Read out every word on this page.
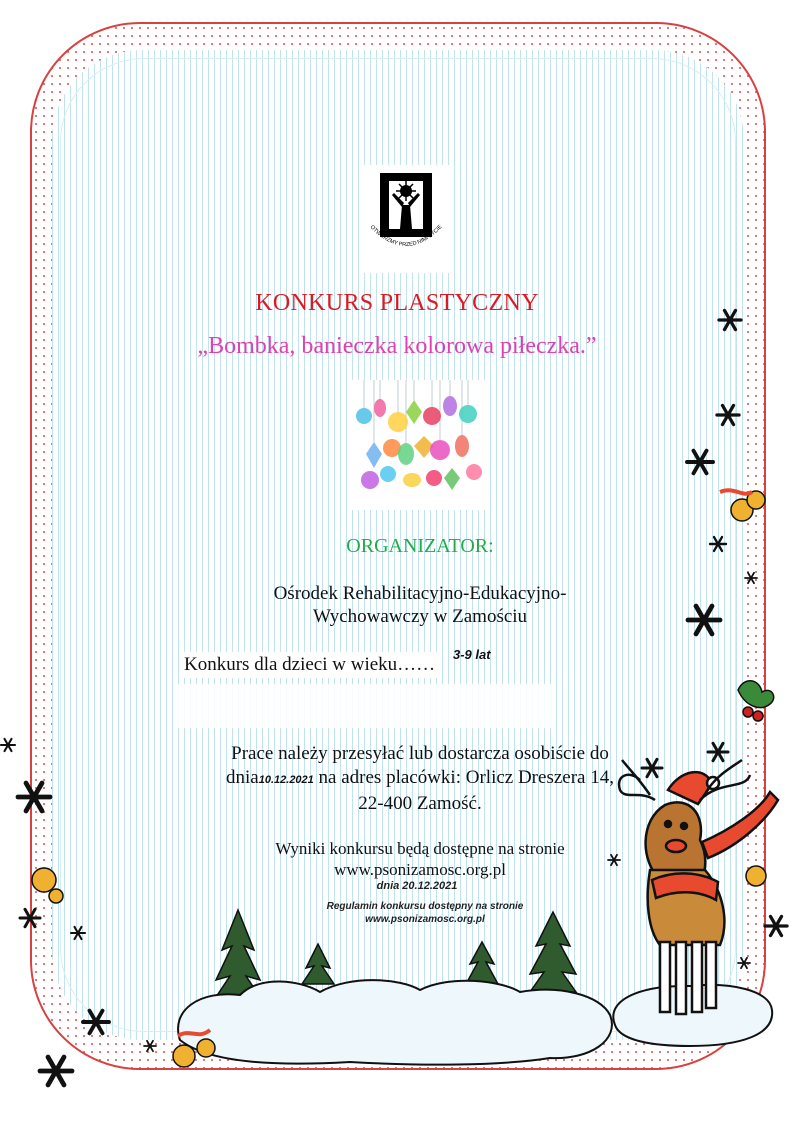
OTWÓRZMY PRZED NIMI ŻYCIE
KONKURS PLASTYCZNY
„Bombka, banieczka kolorowa piłeczka.”
ORGANIZATOR:
Ośrodek Rehabilitacyjno-Edukacyjno-
Wychowawczy w Zamościu
Konkurs dla dzieci w wieku……	3-9 lat
Prace należy przesyłać lub dostarcza osobiście do
dnia10.12.2021 na adres placówki: Orlicz Dreszera 14,
22-400 Zamość.
Wyniki konkursu będą dostępne na stronie
www.psonizamosc.org.pl
dnia 20.12.2021
Regulamin konkursu dostępny na stronie
www.psonizamosc.org.pl
